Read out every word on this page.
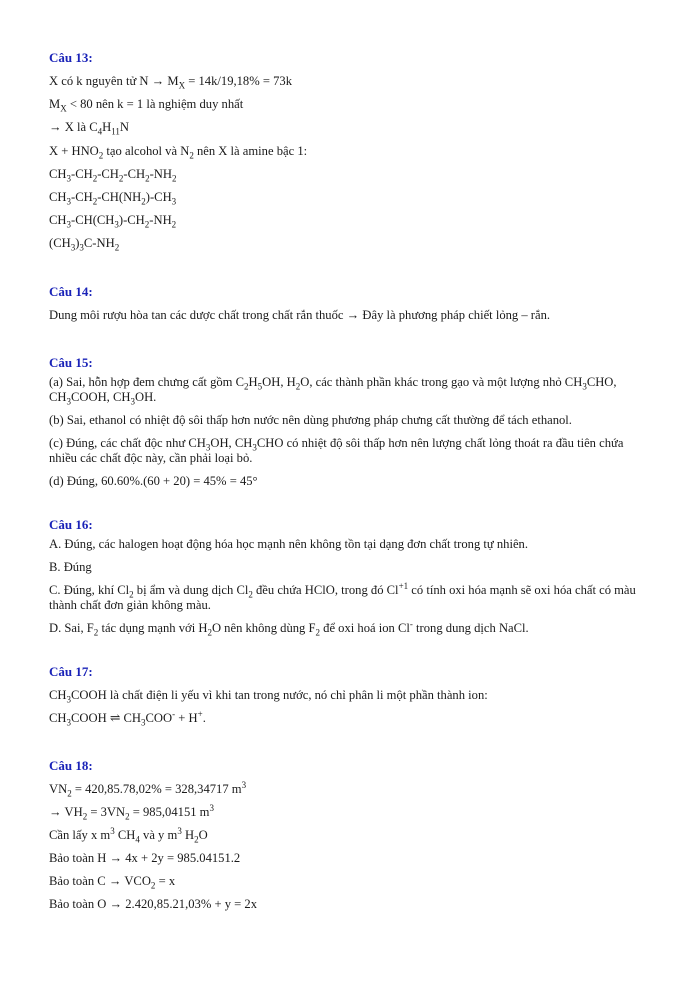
Câu 13:
X có k nguyên tử $N \to M_X = 14k/19,18\% = 73k$
$M_X < 80$ nên k = 1 là nghiệm duy nhất
→ X là $C_4H_{11}N$
$X + HNO_2$ tạo alcohol và $N_2$ nên X là amine bậc 1:
$CH_3-CH_2-CH_2-CH_2-NH_2$
$CH_3-CH_2-CH(NH_2)-CH_3$
$CH_3-CH(CH_3)-CH_2-NH_2$
$(CH_3)_3C-NH_2$
Câu 14:
Dung môi rượu hòa tan các dược chất trong chất rắn thuốc → Đây là phương pháp chiết lỏng – rắn.
Câu 15:
(a) Sai, hỗn hợp đem chưng cất gồm $C_2H_5OH$, $H_2O$, các thành phần khác trong gạo và một lượng nhỏ $CH_3CHO$, $CH_3COOH$, $CH_3OH$.
(b) Sai, ethanol có nhiệt độ sôi thấp hơn nước nên dùng phương pháp chưng cất thường để tách ethanol.
(c) Đúng, các chất độc như $CH_3OH$, $CH_3CHO$ có nhiệt độ sôi thấp hơn nên lượng chất lỏng thoát ra đầu tiên chứa nhiều các chất độc này, cần phải loại bỏ.
(d) Đúng, 60.60%.(60 + 20) = 45% = 45°
Câu 16:
A. Đúng, các halogen hoạt động hóa học mạnh nên không tồn tại dạng đơn chất trong tự nhiên.
B. Đúng
C. Đúng, khí $Cl_2$ bị ẩm và dung dịch $Cl_2$ đều chứa HClO, trong đó $Cl^{+1}$ có tính oxi hóa mạnh sẽ oxi hóa chất có màu thành chất đơn giản không màu.
D. Sai, $F_2$ tác dụng mạnh với $H_2O$ nên không dùng $F_2$ để oxi hoá ion Cl- trong dung dịch NaCl.
Câu 17:
$CH_3COOH$ là chất điện li yếu vì khi tan trong nước, nó chỉ phân li một phần thành ion:
$CH_3COOH$ ⇌ $CH_3COO^- + H^+$.
Câu 18:
$VN_2 = 420,85.78,02\% = 328,34717$ $m^3$
→ $VH_2 = 3VN_2 = 985,04151$ $m^3$
Cần lấy x $m^3$ $CH_4$ và y $m^3$ $H_2O$
Bảo toàn H → 4x + 2y = 985.04151.2
Bảo toàn $C \to VCO_2 = x$
Bảo toàn O → 2.420,85.21,03% + y = 2x
